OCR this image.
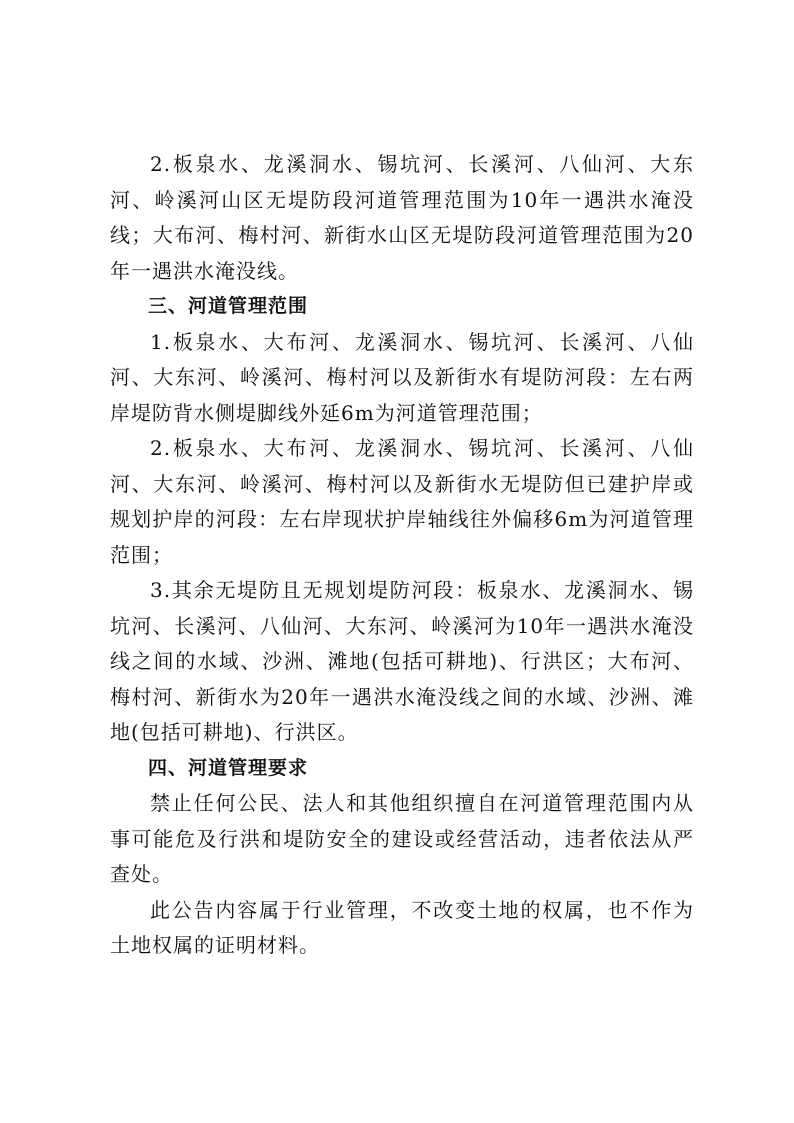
2.板泉水、龙溪洞水、锡坑河、长溪河、八仙河、大东河、岭溪河山区无堤防段河道管理范围为10年一遇洪水淹没线；大布河、梅村河、新街水山区无堤防段河道管理范围为20年一遇洪水淹没线。

三、河道管理范围

1.板泉水、大布河、龙溪洞水、锡坑河、长溪河、八仙河、大东河、岭溪河、梅村河以及新街水有堤防河段：左右两岸堤防背水侧堤脚线外延6m为河道管理范围；

2.板泉水、大布河、龙溪洞水、锡坑河、长溪河、八仙河、大东河、岭溪河、梅村河以及新街水无堤防但已建护岸或规划护岸的河段：左右岸现状护岸轴线往外偏移6m为河道管理范围；

3.其余无堤防且无规划堤防河段：板泉水、龙溪洞水、锡坑河、长溪河、八仙河、大东河、岭溪河为10年一遇洪水淹没线之间的水域、沙洲、滩地(包括可耕地)、行洪区；大布河、梅村河、新街水为20年一遇洪水淹没线之间的水域、沙洲、滩地(包括可耕地)、行洪区。

四、河道管理要求

禁止任何公民、法人和其他组织擅自在河道管理范围内从事可能危及行洪和堤防安全的建设或经营活动，违者依法从严查处。

此公告内容属于行业管理，不改变土地的权属，也不作为土地权属的证明材料。
